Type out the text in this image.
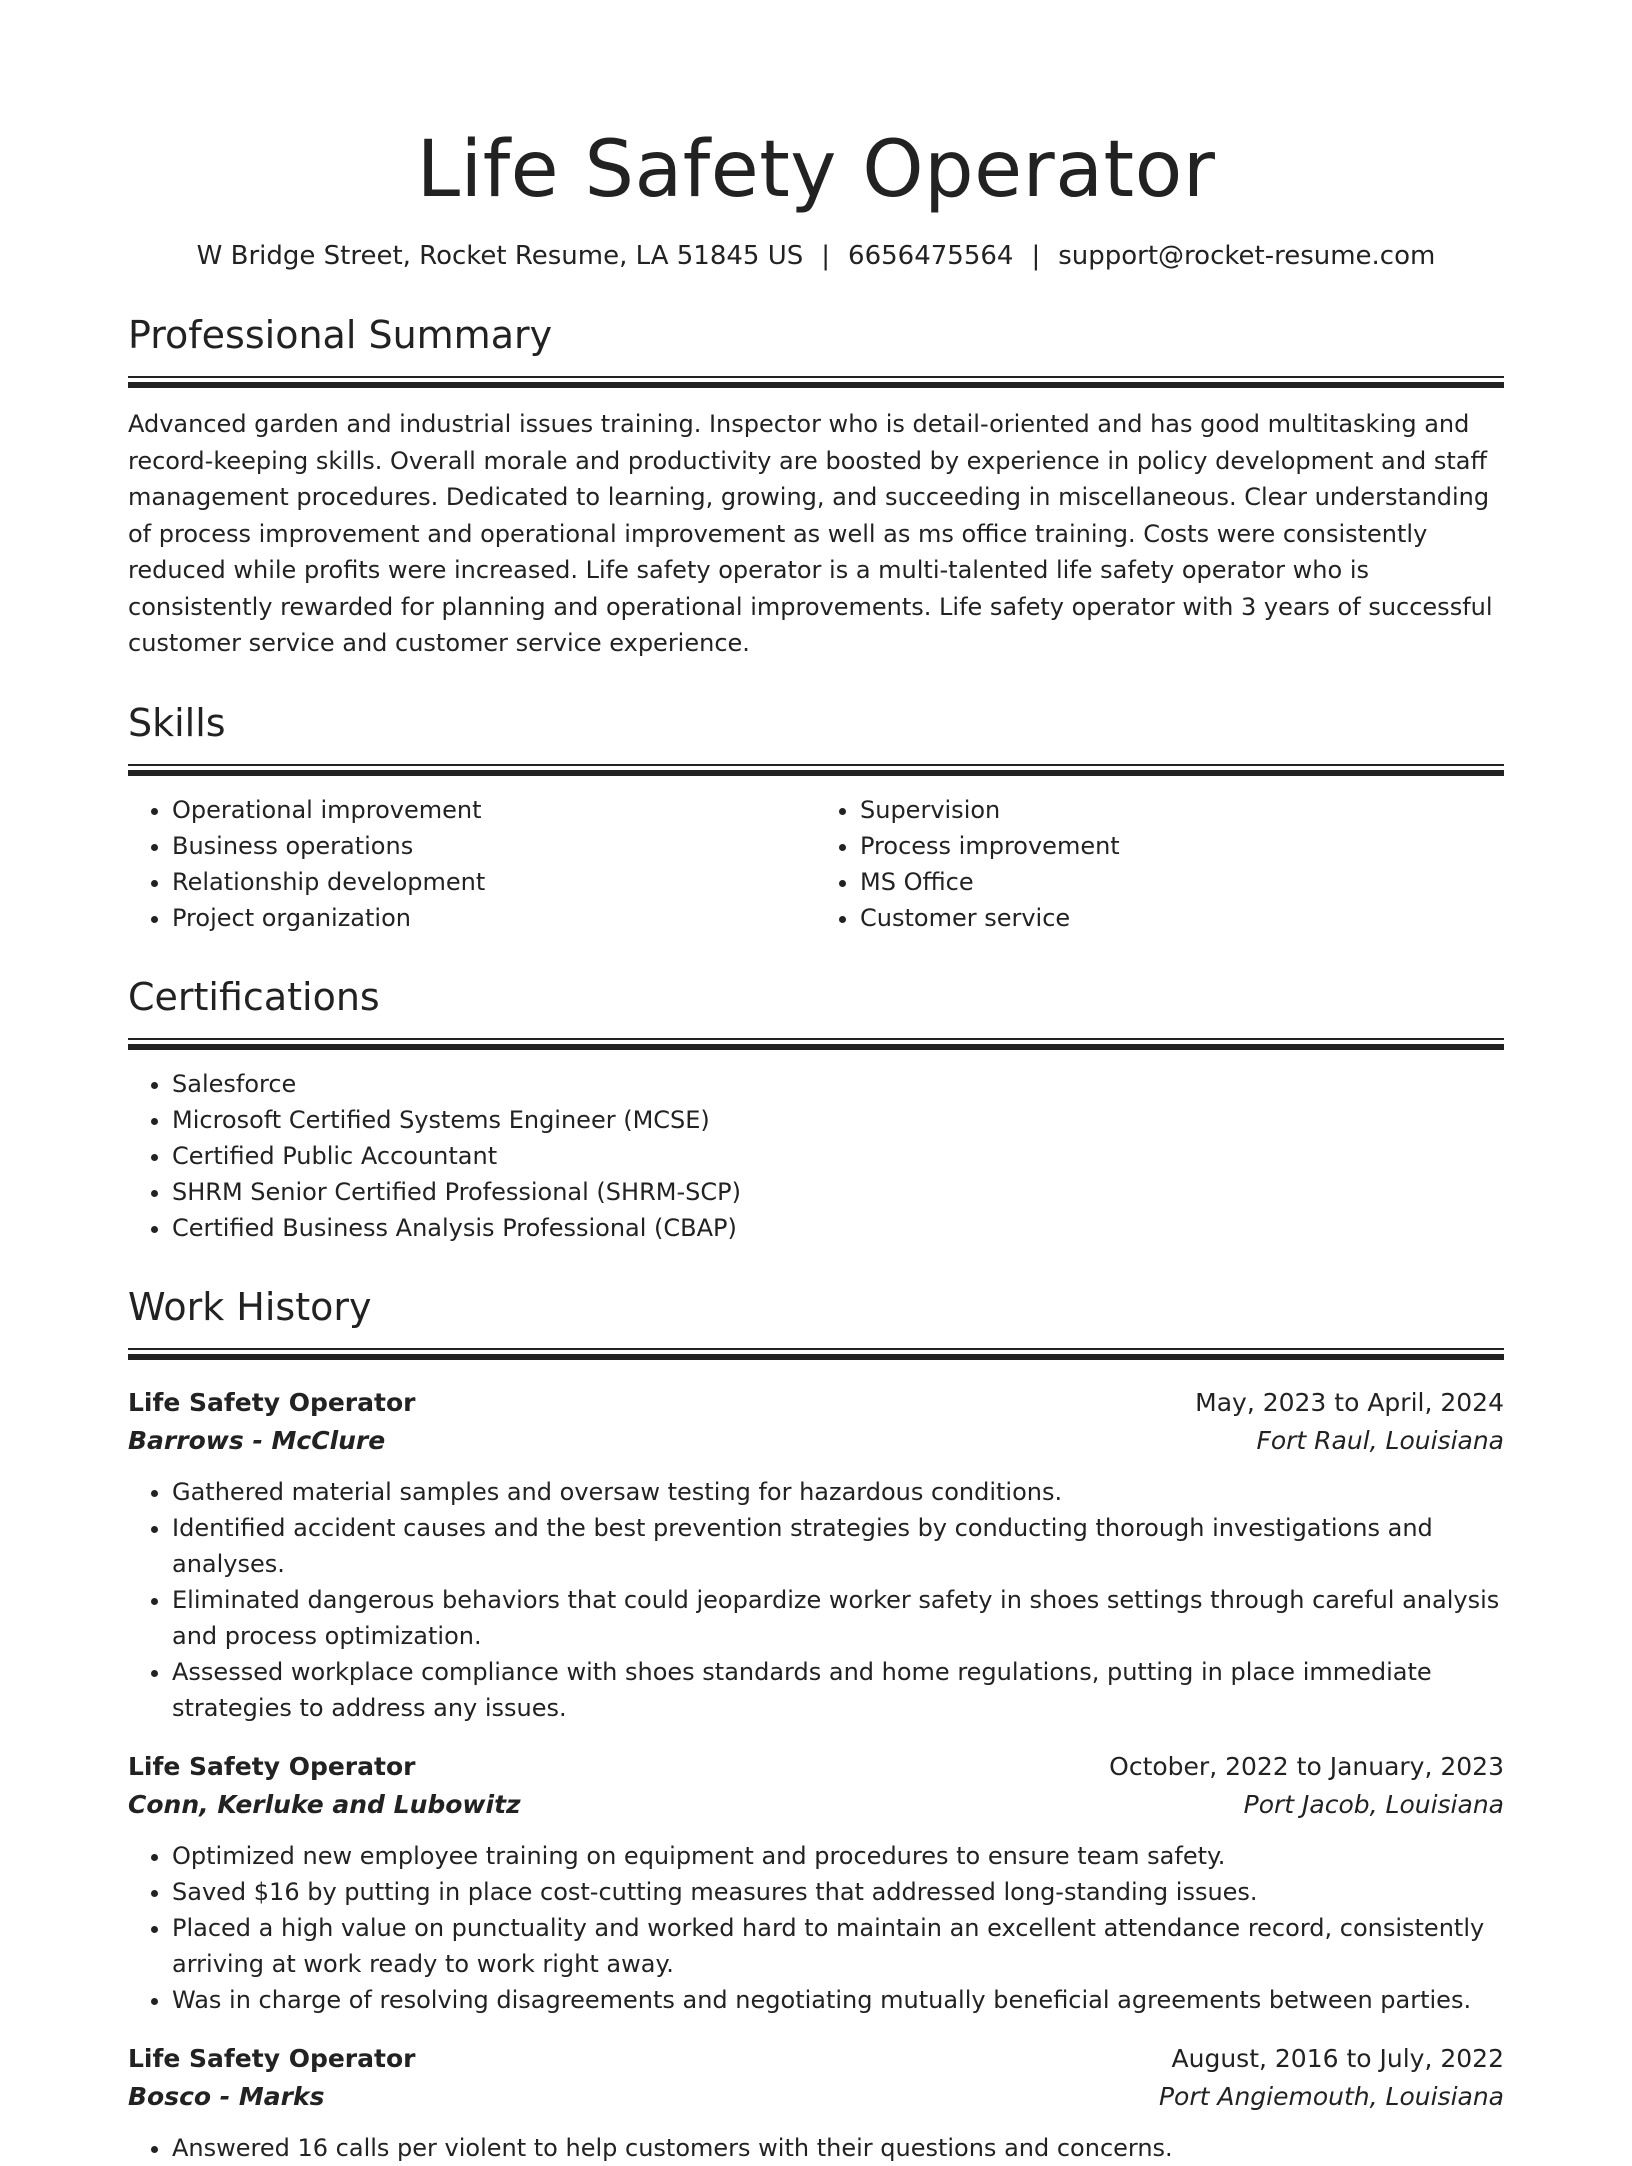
Life Safety Operator
W Bridge Street, Rocket Resume, LA 51845 US | 6656475564 | support@rocket-resume.com
Professional Summary
Advanced garden and industrial issues training. Inspector who is detail-oriented and has good multitasking and record-keeping skills. Overall morale and productivity are boosted by experience in policy development and staff management procedures. Dedicated to learning, growing, and succeeding in miscellaneous. Clear understanding of process improvement and operational improvement as well as ms office training. Costs were consistently reduced while profits were increased. Life safety operator is a multi-talented life safety operator who is consistently rewarded for planning and operational improvements. Life safety operator with 3 years of successful customer service and customer service experience.
Skills
• Operational improvement
• Business operations
• Relationship development
• Project organization
• Supervision
• Process improvement
• MS Office
• Customer service
Certifications
• Salesforce
• Microsoft Certified Systems Engineer (MCSE)
• Certified Public Accountant
• SHRM Senior Certified Professional (SHRM-SCP)
• Certified Business Analysis Professional (CBAP)
Work History
Life Safety Operator	May, 2023 to April, 2024
Barrows - McClure	Fort Raul, Louisiana
• Gathered material samples and oversaw testing for hazardous conditions.
• Identified accident causes and the best prevention strategies by conducting thorough investigations and analyses.
• Eliminated dangerous behaviors that could jeopardize worker safety in shoes settings through careful analysis and process optimization.
• Assessed workplace compliance with shoes standards and home regulations, putting in place immediate strategies to address any issues.
Life Safety Operator	October, 2022 to January, 2023
Conn, Kerluke and Lubowitz	Port Jacob, Louisiana
• Optimized new employee training on equipment and procedures to ensure team safety.
• Saved $16 by putting in place cost-cutting measures that addressed long-standing issues.
• Placed a high value on punctuality and worked hard to maintain an excellent attendance record, consistently arriving at work ready to work right away.
• Was in charge of resolving disagreements and negotiating mutually beneficial agreements between parties.
Life Safety Operator	August, 2016 to July, 2022
Bosco - Marks	Port Angiemouth, Louisiana
• Answered 16 calls per violent to help customers with their questions and concerns.
